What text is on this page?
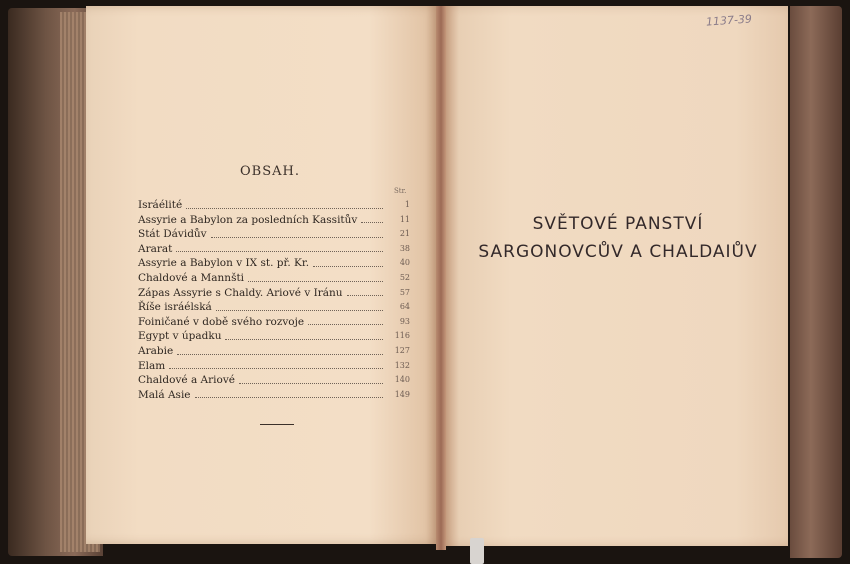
OBSAH.
Str.
Isráélité	1
Assyrie a Babylon za posledních Kassitův	11
Stát Dávidův	21
Ararat	38
Assyrie a Babylon v IX st. př. Kr.	40
Chaldové a Mannšti	52
Zápas Assyrie s Chaldy. Ariové v Iránu	57
Říše isráélská	64
Foiničané v době svého rozvoje	93
Egypt v úpadku	116
Arabie	127
Elam	132
Chaldové a Ariové	140
Malá Asie	149
SVĚTOVÉ PANSTVÍ
SARGONOVCŮV A CHALDAIŮV
1137-39
